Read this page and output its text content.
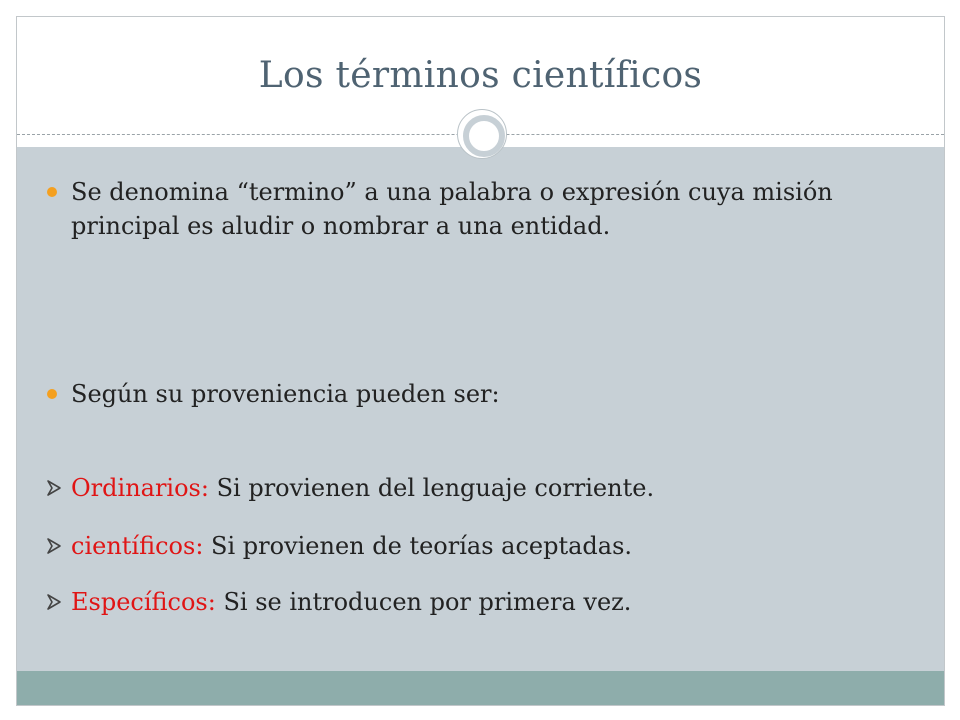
Los términos científicos
Se denomina “termino” a una palabra o expresión cuya misión principal es aludir o nombrar a una entidad.
Según su proveniencia pueden ser:
Ordinarios: Si provienen del lenguaje corriente.
científicos: Si provienen de teorías aceptadas.
Específicos: Si se introducen por primera vez.
